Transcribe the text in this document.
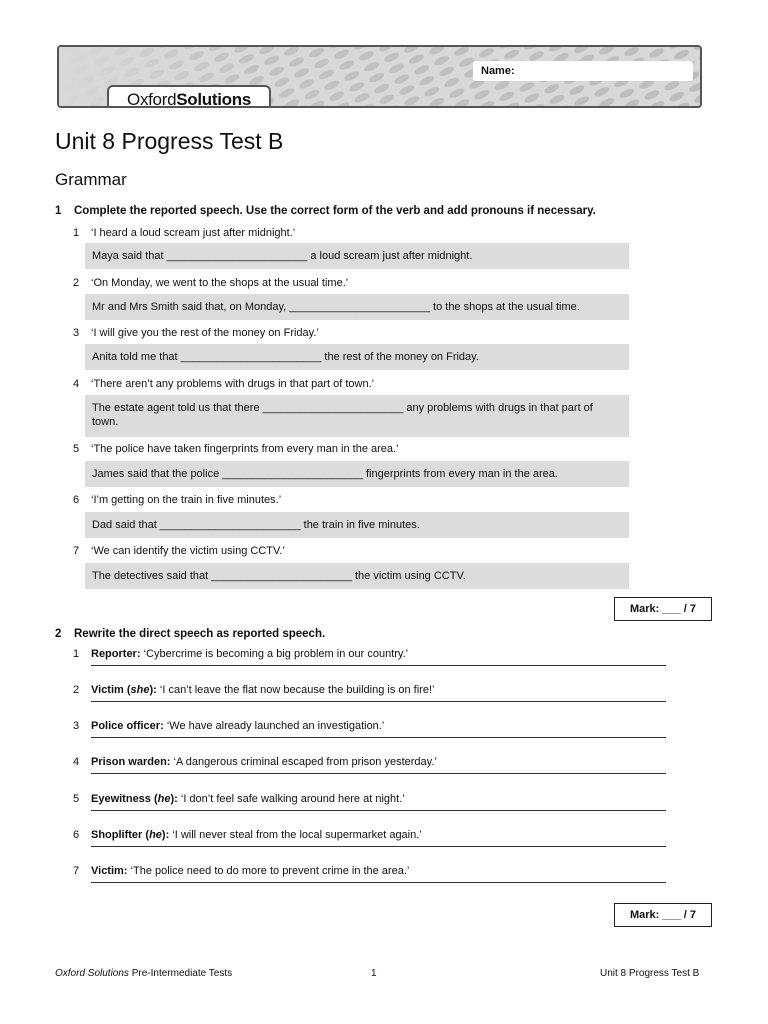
Name:
OxfordSolutions
Unit 8 Progress Test B
Grammar
1 Complete the reported speech. Use the correct form of the verb and add pronouns if necessary.
1 ‘I heard a loud scream just after midnight.’
Maya said that _______________________ a loud scream just after midnight.
2 ‘On Monday, we went to the shops at the usual time.’
Mr and Mrs Smith said that, on Monday, _______________________ to the shops at the usual time.
3 ‘I will give you the rest of the money on Friday.’
Anita told me that _______________________ the rest of the money on Friday.
4 ‘There aren’t any problems with drugs in that part of town.’
The estate agent told us that there _______________________ any problems with drugs in that part of town.
5 ‘The police have taken fingerprints from every man in the area.’
James said that the police _______________________ fingerprints from every man in the area.
6 ‘I’m getting on the train in five minutes.’
Dad said that _______________________ the train in five minutes.
7 ‘We can identify the victim using CCTV.’
The detectives said that _______________________ the victim using CCTV.
Mark: ___ / 7
2 Rewrite the direct speech as reported speech.
1 Reporter: ‘Cybercrime is becoming a big problem in our country.’
2 Victim (she): ‘I can’t leave the flat now because the building is on fire!’
3 Police officer: ‘We have already launched an investigation.’
4 Prison warden: ‘A dangerous criminal escaped from prison yesterday.’
5 Eyewitness (he): ‘I don’t feel safe walking around here at night.’
6 Shoplifter (he): ‘I will never steal from the local supermarket again.’
7 Victim: ‘The police need to do more to prevent crime in the area.’
Mark: ___ / 7
Oxford Solutions Pre-Intermediate Tests	1	Unit 8 Progress Test B
